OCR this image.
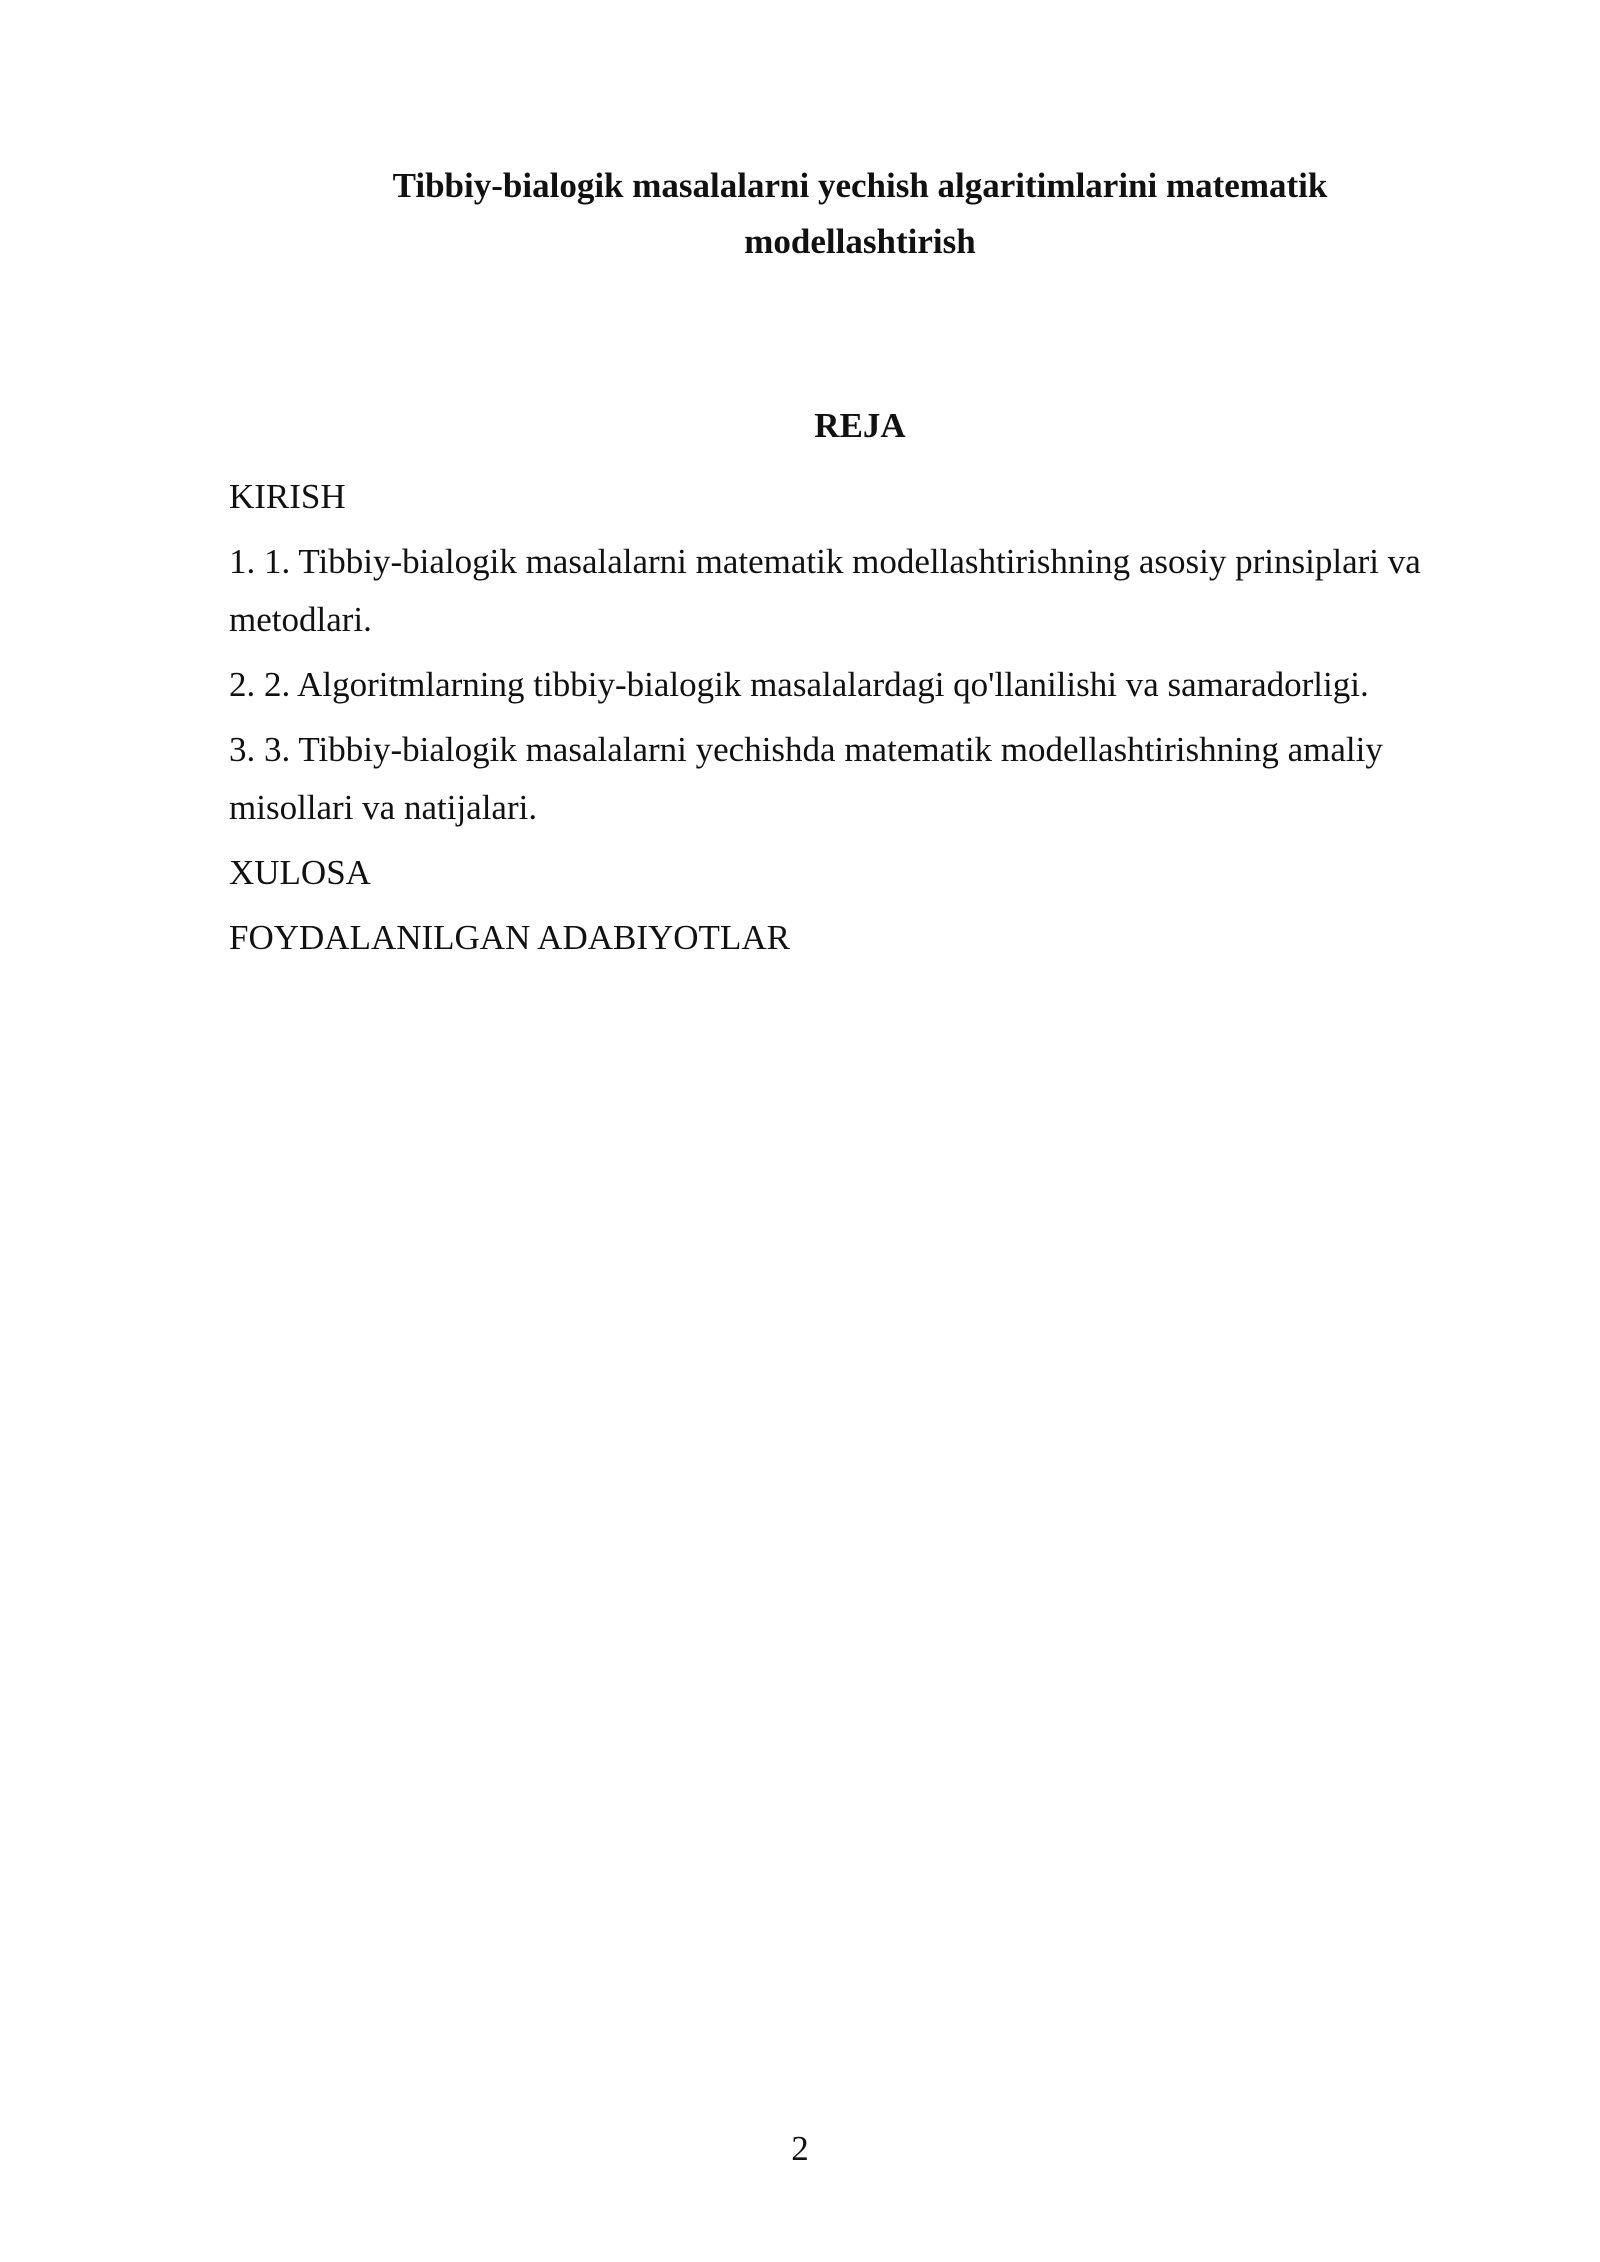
Tibbiy-bialogik masalalarni yechish algaritimlarini matematik
modellashtirish
REJA
KIRISH
1. 1. Tibbiy-bialogik masalalarni matematik modellashtirishning asosiy prinsiplari va metodlari.
2. 2. Algoritmlarning tibbiy-bialogik masalalardagi qo'llanilishi va samaradorligi.
3. 3. Tibbiy-bialogik masalalarni yechishda matematik modellashtirishning amaliy misollari va natijalari.
XULOSA
FOYDALANILGAN ADABIYOTLAR
2
